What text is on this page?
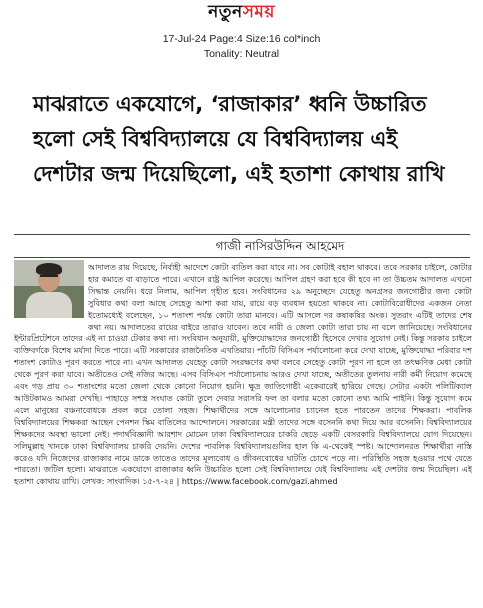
নতুনসময়
17-Jul-24 Page:4 Size:16 col*inch
Tonality: Neutral
মাঝরাতে একযোগে, ‘রাজাকার’ ধ্বনি উচ্চারিত হলো সেই বিশ্ববিদ্যালয়ে যে বিশ্ববিদ্যালয় এই দেশটার জন্ম দিয়েছিলো, এই হতাশা কোথায় রাখি
গাজী নাসিরউদ্দিন আহমেদ
আদালত রায় দিয়েছে, নির্বাহী আদেশে কোটা বাতিল করা যাবে না। সব কোটাই বহাল থাকবে। তবে সরকার চাইলে, কোটার হার কমাতে বা বাড়াতে পারে। এখানে রাষ্ট্র আপিল করেছে। আপিল গ্রহণ করা হবে কী হবে না তা উচ্চতম আদালত এখনো সিদ্ধান্ত নেয়নি। ধরে নিলাম, আপিল গৃহীত হবে। সংবিধানের ২৯ অনুচ্ছেদে যেহেতু অনগ্রসর জনগোষ্ঠীর জন্য কোটা সুবিধার কথা বলা আছে সেহেতু আশা করা যায়, রায়ে বড় ব্যবধান হয়তো থাকবে না। কোটাবিরোধীদের একজন নেতা ইতোমধ্যেই বলেছেন, ১০ শতাংশ পর্যন্ত কোটা তারা মানবে। এটি আসলে দর কষাকষির অংক। সুতরাং এটিই তাদের শেষ কথা নয়। আদালতের রায়ের বাইরে তারাও যাবেন। তবে নারী ও জেলা কোটা তারা চায় না বলে জানিয়েছে। সংবিধানের ইন্টারপ্রিটেশনে তাদের এই না চাওয়া টেকার কথা না। সংবিধান অনুযায়ী, মুক্তিযোদ্ধাদের জনগোষ্ঠী হিসেবে দেখার সুযোগ নেই। কিন্তু সরকার চাইলে ব্যক্তিবর্গকে বিশেষ মর্যাদা দিতে পারে। এটি সরকারের রাজনৈতিক এখতিয়ার। পাঁচটি বিসিএস পর্যালোচনা করে দেখা যাচ্ছে, মুক্তিযোদ্ধা পরিবার দশ শতাংশ কোটাও পূরণ করতে পারে না। এখন আদালত যেহেতু কোটা সংরক্ষণের কথা বলবে সেহেতু কোটা পূরণ না হলে তা তৎক্ষণিক মেধা কোটা থেকে পূরণ করা যাবে। অতীতেও সেই নজির আছে। এসব বিসিএস পর্যালোচনায় আরও দেখা যাচ্ছে, অতীতের তুলনায় নারী কর্মী নিয়োগ কমেছে এবং গড় প্রায় ৩০ শতাংশের মতো জেলা থেকে কোনো নিয়োগ হয়নি। ক্ষুদ্র জাতিগোষ্ঠী একেবারেই হারিয়ে গেছে। সেটার একটা পলিটিক্যাল আউটকামও আমরা দেখছি। পাহাড়ে সশস্ত্র সংঘাত কোটা তুলে দেবার সরাসরি ফল তা বলার মতো কোনো তথ্য আমি পাইনি। কিন্তু সুযোগ কমে এলে মানুষের বঞ্চনাবোধকে প্রবল করে তোলা সহজ। শিক্ষার্থীদের সঙ্গে আলোচনার চ্যানেল হতে পারতেন তাদের শিক্ষকরা। পাবলিক বিশ্ববিদ্যালয়ের শিক্ষকরা আছেন পেনশন স্কিম বাতিলের আন্দোলনে। সরকারের মন্ত্রী তাদের সঙ্গে বসেননি কথা দিয়ে আর বসেননি। বিশ্ববিদ্যালয়ের শিক্ষকদের অবস্থা ভালো নেই। পদার্থবিজ্ঞানী আরশাদ মোমেন ঢাকা বিশ্ববিদ্যালয়ের চাকরি ছেড়ে একটি বেসরকারি বিশ্ববিদ্যালয়ে যোগ দিয়েছেন। সলিমুল্লাহ খানকে ঢাকা বিশ্ববিদ্যালয় চাকরি দেয়নি। দেশের পাবলিক বিশ্ববিদ্যালয়গুলির হাল কি এ-থেকেই স্পষ্ট। আন্দোলনরত শিক্ষার্থীরা নাস্তি করেও যদি নিজেদের রাজাকার নামে ডাকে তাতেও তাদের মূল্যবোধ ও জীবনবোধের ঘাটতি চোখে পড়ে না। পরিস্থিতি সহজ হওয়ার পথে যেতে পারতো। জটিল হলো। মাঝরাতে একযোগে রাজাকার ধ্বনি উচ্চারিত হলো সেই বিশ্ববিদ্যালয়ে যেই বিশ্ববিদ্যালয় এই দেশটার জন্ম দিয়েছিল। এই হতাশা কোথায় রাখি। লেখক: সাংবাদিক। ১৫-৭-২৪ | https://www.facebook.com/gazi.ahmed
